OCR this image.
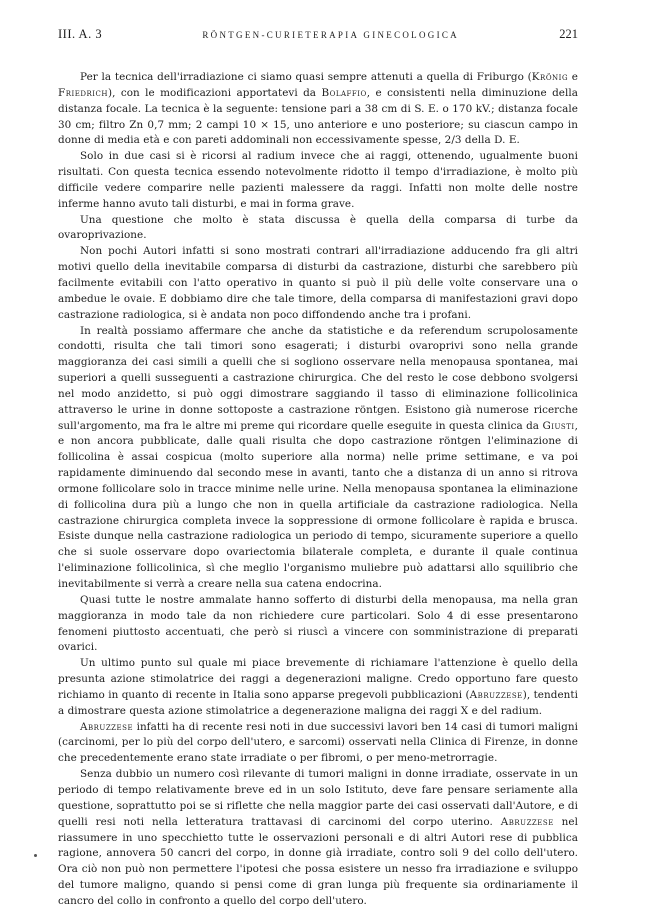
III. A. 3	RÖNTGEN-CURIETERAPIA GINECOLOGICA	221

Per la tecnica dell'irradiazione ci siamo quasi sempre attenuti a quella di Friburgo (Krönig e Friedrich), con le modificazioni apportatevi da Bolaffio, e consistenti nella diminuzione della distanza focale. La tecnica è la seguente: tensione pari a 38 cm di S. E. o 170 kV.; distanza focale 30 cm; filtro Zn 0,7 mm; 2 campi 10 × 15, uno anteriore e uno posteriore; su ciascun campo in donne di media età e con pareti addominali non eccessivamente spesse, 2/3 della D. E.

Solo in due casi si è ricorsi al radium invece che ai raggi, ottenendo, ugualmente buoni risultati. Con questa tecnica essendo notevolmente ridotto il tempo d'irradiazione, è molto più difficile vedere comparire nelle pazienti malessere da raggi. Infatti non molte delle nostre inferme hanno avuto tali disturbi, e mai in forma grave.

Una questione che molto è stata discussa è quella della comparsa di turbe da ovaroprivazione.

Non pochi Autori infatti si sono mostrati contrari all'irradiazione adducendo fra gli altri motivi quello della inevitabile comparsa di disturbi da castrazione, disturbi che sarebbero più facilmente evitabili con l'atto operativo in quanto si può il più delle volte conservare una o ambedue le ovaie. E dobbiamo dire che tale timore, della comparsa di manifestazioni gravi dopo castrazione radiologica, si è andata non poco diffondendo anche tra i profani.

In realtà possiamo affermare che anche da statistiche e da referendum scrupolosamente condotti, risulta che tali timori sono esagerati; i disturbi ovaroprivi sono nella grande maggioranza dei casi simili a quelli che si sogliono osservare nella menopausa spontanea, mai superiori a quelli susseguenti a castrazione chirurgica. Che del resto le cose debbono svolgersi nel modo anzidetto, si può oggi dimostrare saggiando il tasso di eliminazione follicolinica attraverso le urine in donne sottoposte a castrazione röntgen. Esistono già numerose ricerche sull'argomento, ma fra le altre mi preme qui ricordare quelle eseguite in questa clinica da Giusti, e non ancora pubblicate, dalle quali risulta che dopo castrazione röntgen l'eliminazione di follicolina è assai cospicua (molto superiore alla norma) nelle prime settimane, e va poi rapidamente diminuendo dal secondo mese in avanti, tanto che a distanza di un anno si ritrova ormone follicolare solo in tracce minime nelle urine. Nella menopausa spontanea la eliminazione di follicolina dura più a lungo che non in quella artificiale da castrazione radiologica. Nella castrazione chirurgica completa invece la soppressione di ormone follicolare è rapida e brusca. Esiste dunque nella castrazione radiologica un periodo di tempo, sicuramente superiore a quello che si suole osservare dopo ovariectomia bilaterale completa, e durante il quale continua l'eliminazione follicolinica, sì che meglio l'organismo muliebre può adattarsi allo squilibrio che inevitabilmente si verrà a creare nella sua catena endocrina.

Quasi tutte le nostre ammalate hanno sofferto di disturbi della menopausa, ma nella gran maggioranza in modo tale da non richiedere cure particolari. Solo 4 di esse presentarono fenomeni piuttosto accentuati, che però si riuscì a vincere con somministrazione di preparati ovarici.

Un ultimo punto sul quale mi piace brevemente di richiamare l'attenzione è quello della presunta azione stimolatrice dei raggi a degenerazioni maligne. Credo opportuno fare questo richiamo in quanto di recente in Italia sono apparse pregevoli pubblicazioni (Abruzzese), tendenti a dimostrare questa azione stimolatrice a degenerazione maligna dei raggi X e del radium.

Abruzzese infatti ha di recente resi noti in due successivi lavori ben 14 casi di tumori maligni (carcinomi, per lo più del corpo dell'utero, e sarcomi) osservati nella Clinica di Firenze, in donne che precedentemente erano state irradiate o per fibromi, o per meno-metrorragie.

Senza dubbio un numero così rilevante di tumori maligni in donne irradiate, osservate in un periodo di tempo relativamente breve ed in un solo Istituto, deve fare pensare seriamente alla questione, soprattutto poi se si riflette che nella maggior parte dei casi osservati dall'Autore, e di quelli resi noti nella letteratura trattavasi di carcinomi del corpo uterino. Abruzzese nel riassumere in uno specchietto tutte le osservazioni personali e di altri Autori rese di pubblica ragione, annovera 50 cancri del corpo, in donne già irradiate, contro soli 9 del collo dell'utero. Ora ciò non può non permettere l'ipotesi che possa esistere un nesso fra irradiazione e sviluppo del tumore maligno, quando si pensi come di gran lunga più frequente sia ordinariamente il cancro del collo in confronto a quello del corpo dell'utero.
